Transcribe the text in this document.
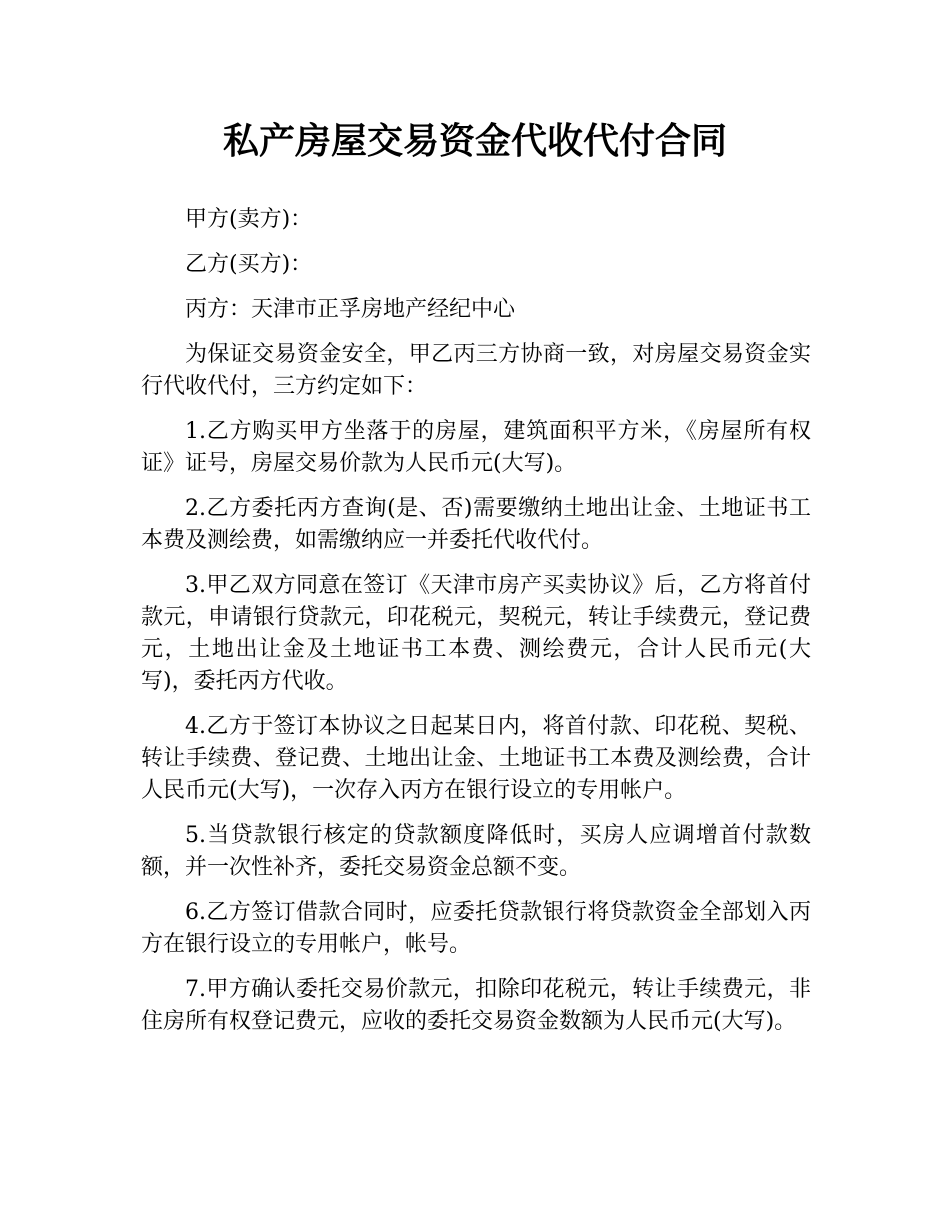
私产房屋交易资金代收代付合同

甲方(卖方)：

乙方(买方)：

丙方：天津市正孚房地产经纪中心

为保证交易资金安全，甲乙丙三方协商一致，对房屋交易资金实行代收代付，三方约定如下：

1.乙方购买甲方坐落于的房屋，建筑面积平方米，《房屋所有权证》证号，房屋交易价款为人民币元(大写)。

2.乙方委托丙方查询(是、否)需要缴纳土地出让金、土地证书工本费及测绘费，如需缴纳应一并委托代收代付。

3.甲乙双方同意在签订《天津市房产买卖协议》后，乙方将首付款元，申请银行贷款元，印花税元，契税元，转让手续费元，登记费元，土地出让金及土地证书工本费、测绘费元，合计人民币元(大写)，委托丙方代收。

4.乙方于签订本协议之日起某日内，将首付款、印花税、契税、转让手续费、登记费、土地出让金、土地证书工本费及测绘费，合计人民币元(大写)，一次存入丙方在银行设立的专用帐户。

5.当贷款银行核定的贷款额度降低时，买房人应调增首付款数额，并一次性补齐，委托交易资金总额不变。

6.乙方签订借款合同时，应委托贷款银行将贷款资金全部划入丙方在银行设立的专用帐户，帐号。

7.甲方确认委托交易价款元，扣除印花税元，转让手续费元，非住房所有权登记费元，应收的委托交易资金数额为人民币元(大写)。
